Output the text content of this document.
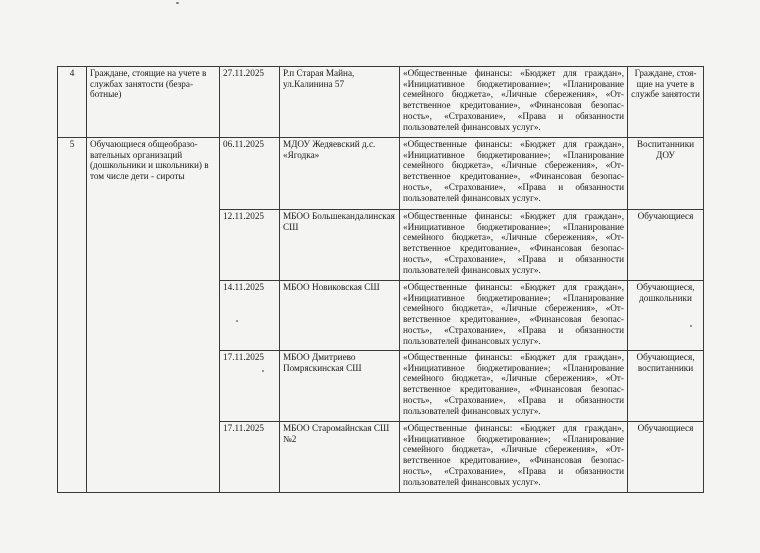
4	Граждане, стоящие на учете в службах занятости (безра-ботные)	27.11.2025	Р.п Старая Майна, ул.Калинина 57	«Общественные финансы: «Бюджет для граждан», «Инициативное бюджетирование»; «Планирование семейного бюджета», «Личные сбережения», «От-ветственное кредитование», «Финансовая безопас-ность», «Страхование», «Права и обязанности пользователей финансовых услуг».	Граждане, стоя-щие на учете в службе занятости
5	Обучающиеся общеобразо-вательных организаций (дошкольники и школьники) в том числе дети - сироты	06.11.2025	МДОУ Жедяевский д.с. «Ягодка»	«Общественные финансы: «Бюджет для граждан», «Инициативное бюджетирование»; «Планирование семейного бюджета», «Личные сбережения», «От-ветственное кредитование», «Финансовая безопас-ность», «Страхование», «Права и обязанности пользователей финансовых услуг».	Воспитанники ДОУ
		12.11.2025	МБОО Большекандалинская СШ	«Общественные финансы: «Бюджет для граждан», «Инициативное бюджетирование»; «Планирование семейного бюджета», «Личные сбережения», «От-ветственное кредитование», «Финансовая безопас-ность», «Страхование», «Права и обязанности пользователей финансовых услуг».	Обучающиеся
		14.11.2025	МБОО Новиковская СШ	«Общественные финансы: «Бюджет для граждан», «Инициативное бюджетирование»; «Планирование семейного бюджета», «Личные сбережения», «От-ветственное кредитование», «Финансовая безопас-ность», «Страхование», «Права и обязанности пользователей финансовых услуг».	Обучающиеся, дошкольники
		17.11.2025	МБОО Дмитриево Помряскинская СШ	«Общественные финансы: «Бюджет для граждан», «Инициативное бюджетирование»; «Планирование семейного бюджета», «Личные сбережения», «От-ветственное кредитование», «Финансовая безопас-ность», «Страхование», «Права и обязанности пользователей финансовых услуг».	Обучающиеся, воспитанники
		17.11.2025	МБОО Старомайнская СШ №2	«Общественные финансы: «Бюджет для граждан», «Инициативное бюджетирование»; «Планирование семейного бюджета», «Личные сбережения», «От-ветственное кредитование», «Финансовая безопас-ность», «Страхование», «Права и обязанности пользователей финансовых услуг».	Обучающиеся
